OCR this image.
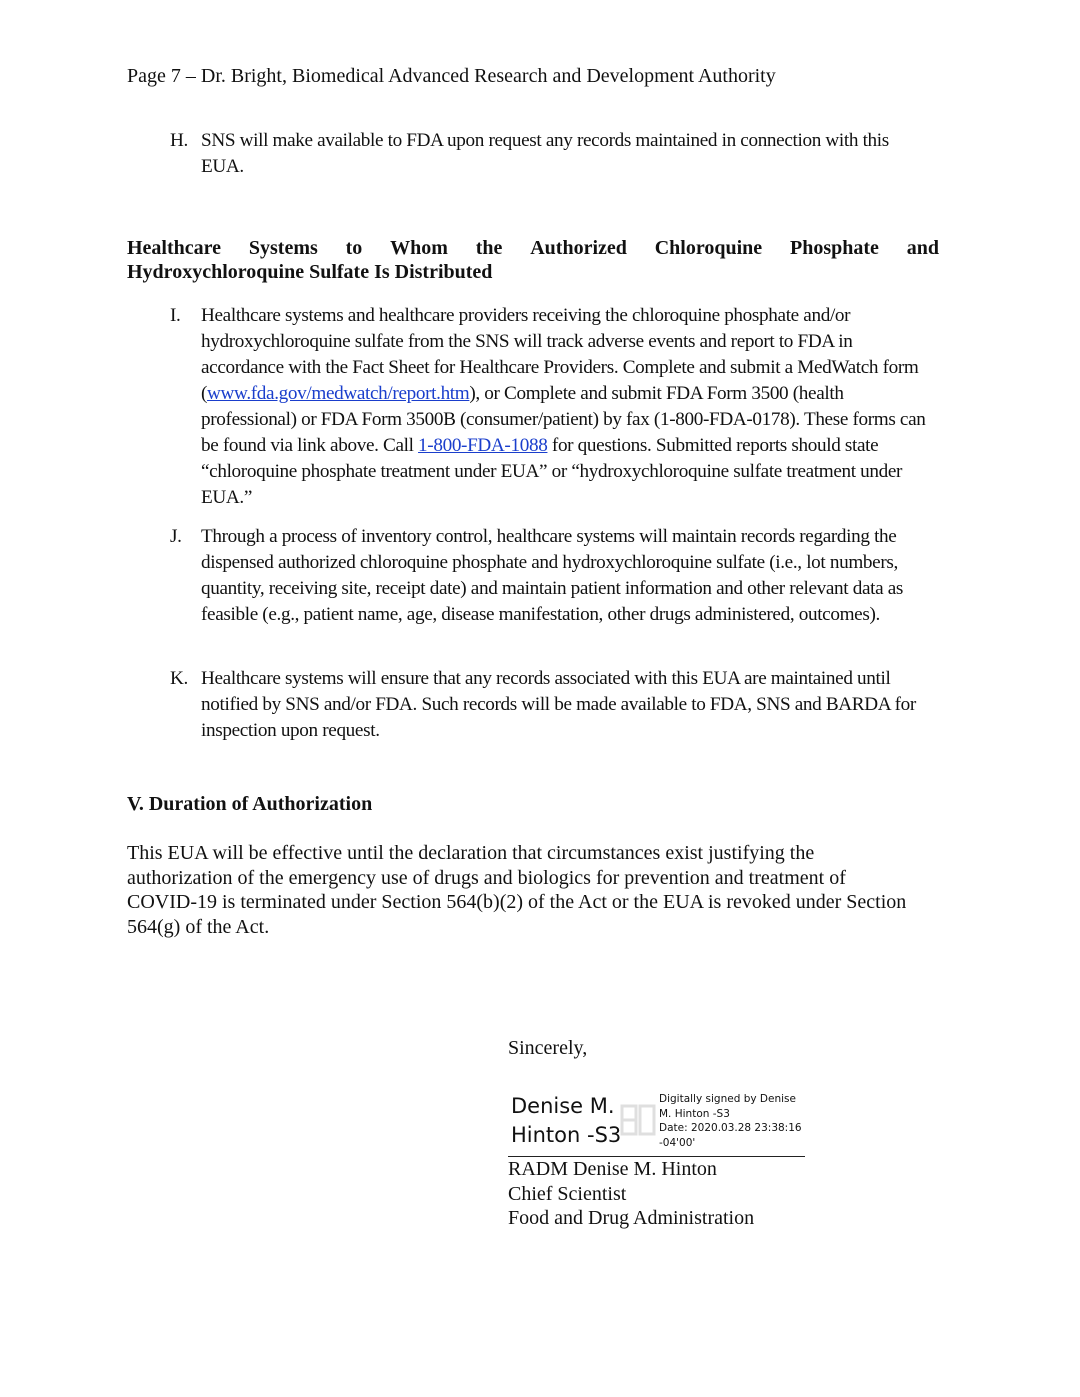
Page 7 – Dr. Bright, Biomedical Advanced Research and Development Authority
H. SNS will make available to FDA upon request any records maintained in connection with this EUA.
Healthcare Systems to Whom the Authorized Chloroquine Phosphate and
Hydroxychloroquine Sulfate Is Distributed
I.	Healthcare systems and healthcare providers receiving the chloroquine phosphate and/or hydroxychloroquine sulfate from the SNS will track adverse events and report to FDA in accordance with the Fact Sheet for Healthcare Providers. Complete and submit a MedWatch form (www.fda.gov/medwatch/report.htm), or Complete and submit FDA Form 3500 (health professional) or FDA Form 3500B (consumer/patient) by fax (1-800-FDA-0178). These forms can be found via link above. Call 1-800-FDA-1088 for questions. Submitted reports should state “chloroquine phosphate treatment under EUA” or “hydroxychloroquine sulfate treatment under EUA.”
J.	Through a process of inventory control, healthcare systems will maintain records regarding the dispensed authorized chloroquine phosphate and hydroxychloroquine sulfate (i.e., lot numbers, quantity, receiving site, receipt date) and maintain patient information and other relevant data as feasible (e.g., patient name, age, disease manifestation, other drugs administered, outcomes).
K. Healthcare systems will ensure that any records associated with this EUA are maintained until notified by SNS and/or FDA. Such records will be made available to FDA, SNS and BARDA for inspection upon request.
V. Duration of Authorization
This EUA will be effective until the declaration that circumstances exist justifying the authorization of the emergency use of drugs and biologics for prevention and treatment of COVID-19 is terminated under Section 564(b)(2) of the Act or the EUA is revoked under Section 564(g) of the Act.
Sincerely,
Denise M.
Hinton -S3
Digitally signed by Denise
M. Hinton -S3
Date: 2020.03.28 23:38:16
-04'00'
RADM Denise M. Hinton
Chief Scientist
Food and Drug Administration
